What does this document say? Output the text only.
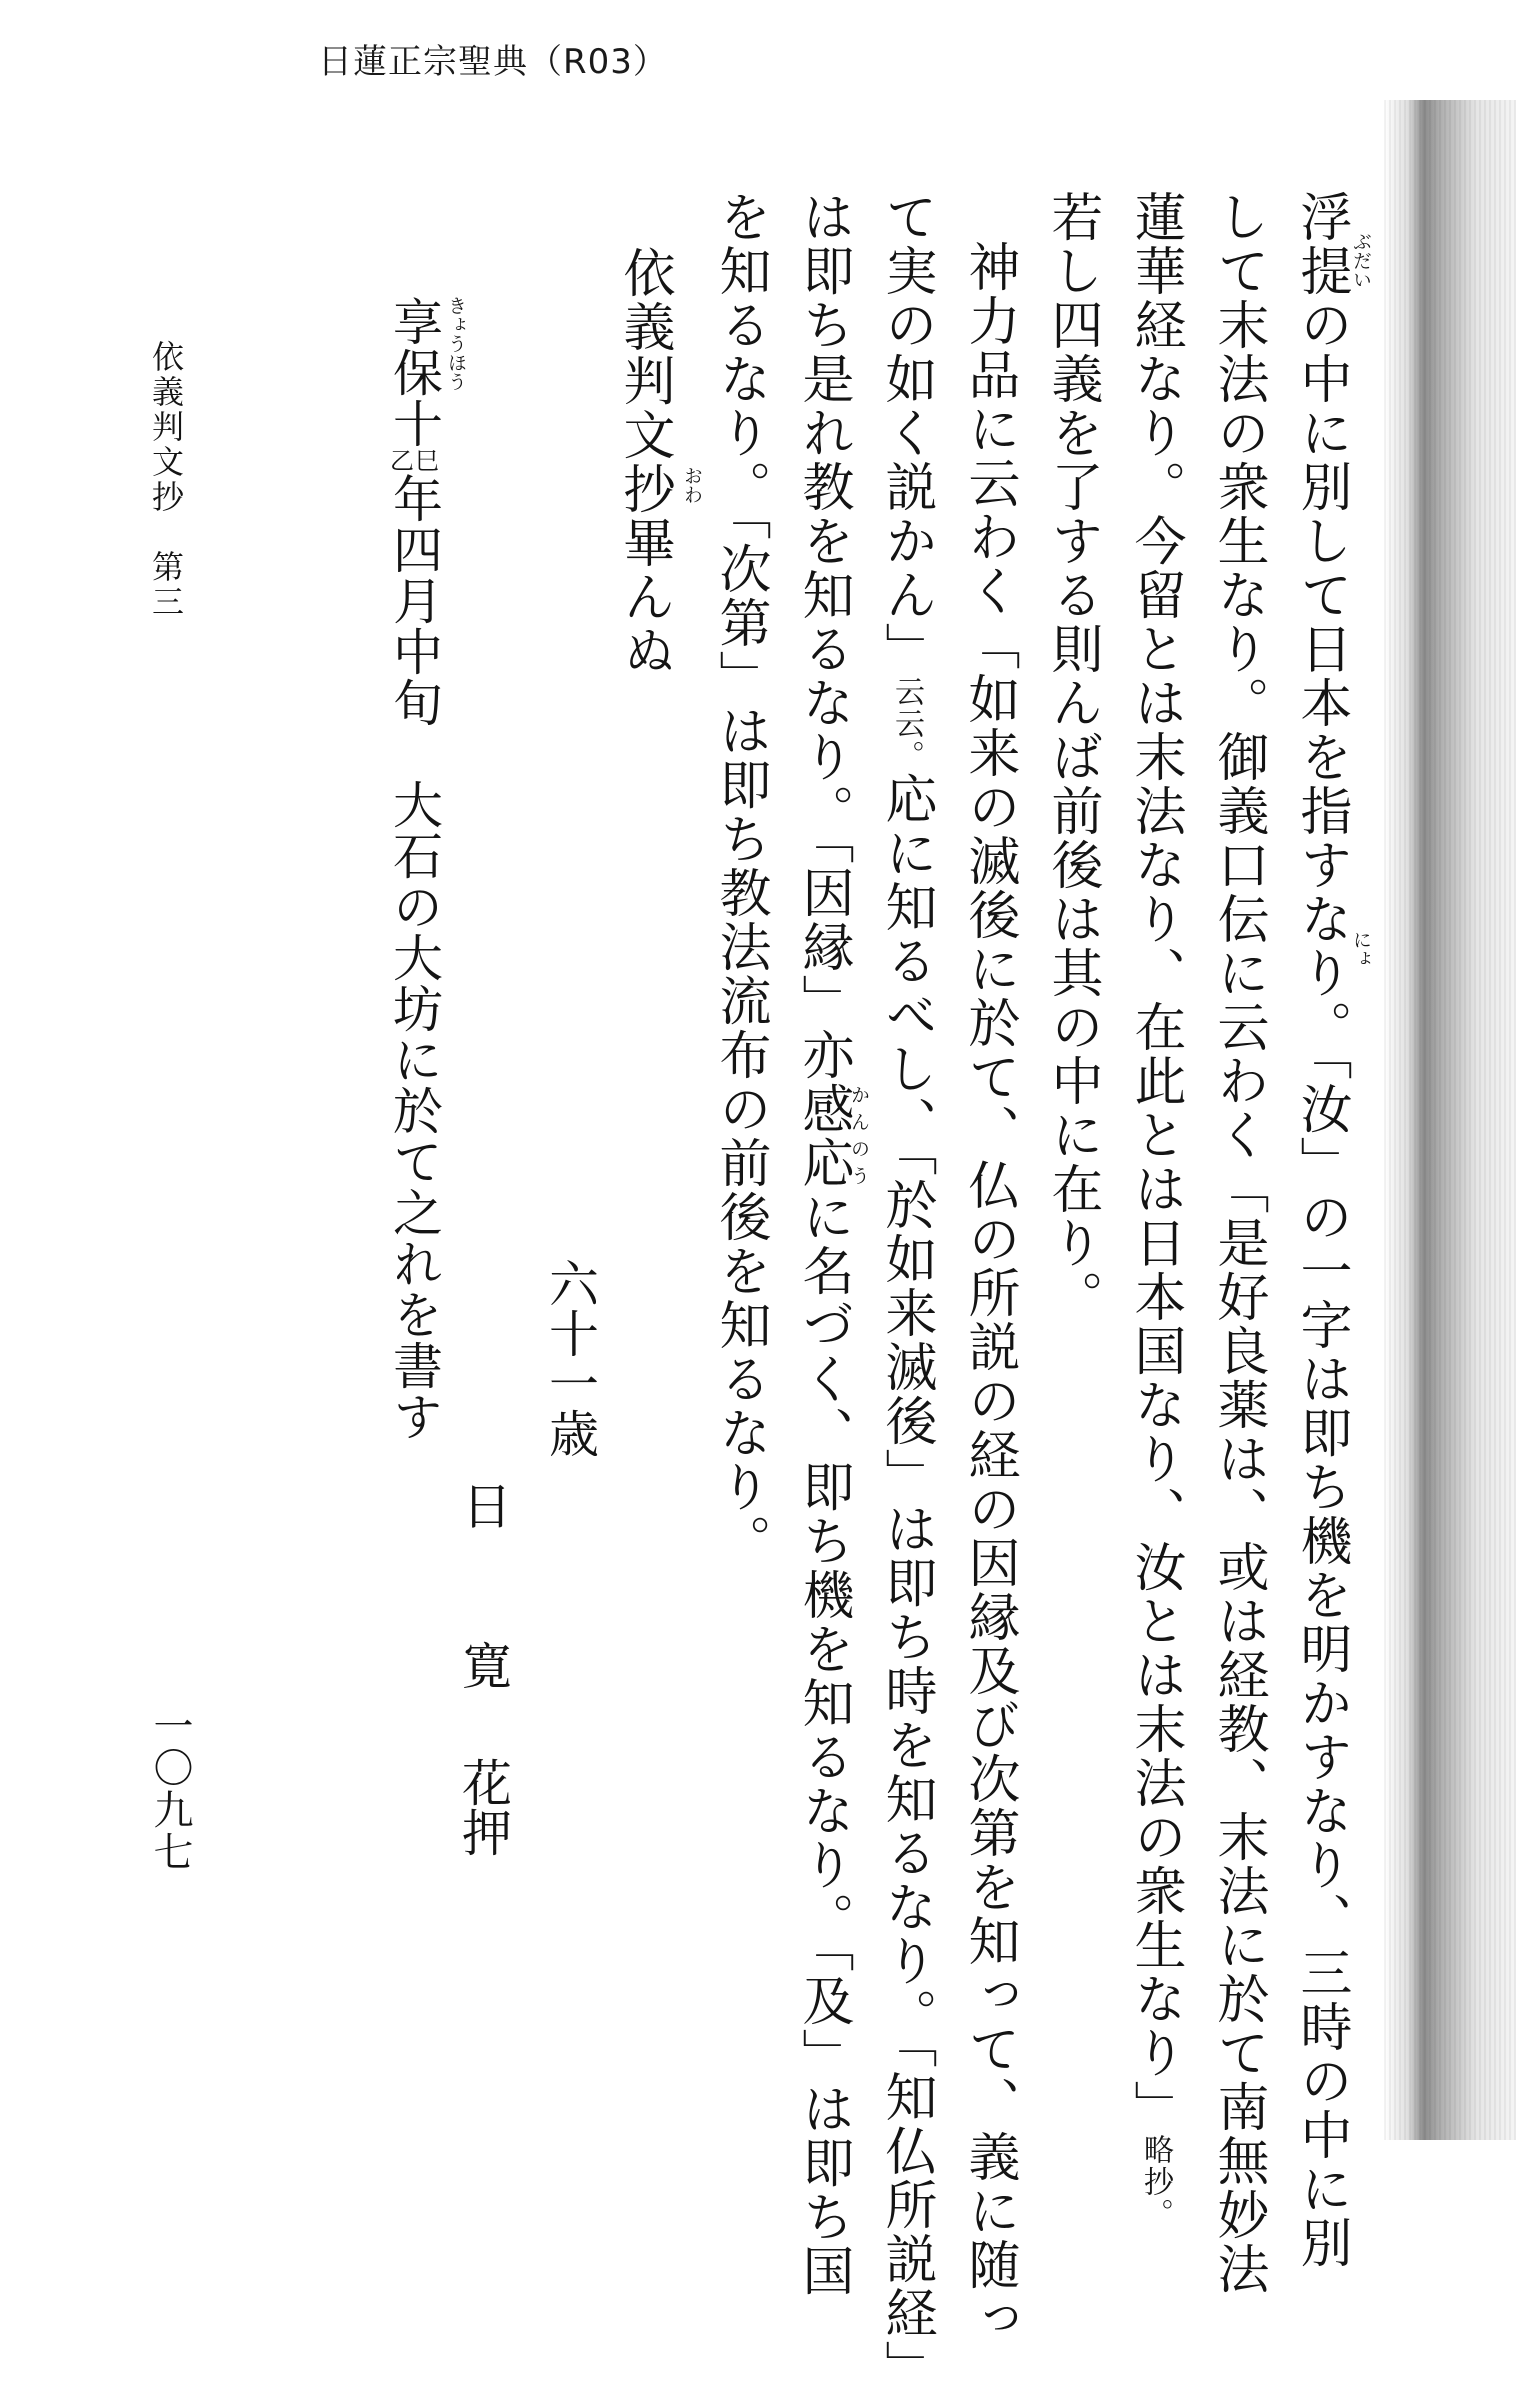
日蓮正宗聖典（R03）
浮提の中に別して日本を指すなり。「汝」の一字は即ち機を明かすなり、三時の中に別
して末法の衆生なり。御義口伝に云わく「是好良薬は、或は経教、末法に於て南無妙法
蓮華経なり。今留とは末法なり、在此とは日本国なり、汝とは末法の衆生なり」略抄。
若し四義を了する則んば前後は其の中に在り。
神力品に云わく「如来の滅後に於て、仏の所説の経の因縁及び次第を知って、義に随っ
て実の如く説かん」云云。応に知るべし、「於如来滅後」は即ち時を知るなり。「知仏所説経」
は即ち是れ教を知るなり。「因縁」亦感応かんのうに名づく、即ち機を知るなり。「及」は即ち国
を知るなり。「次第」は即ち教法流布の前後を知るなり。	ぶだい
にょ
おわ
きょうほう	依義判文抄畢んぬ
享保十乙巳年四月中旬　大石の大坊に於て之れを書す 六十一歳
日
寛
花押
依義判文抄　第三
一〇九七
